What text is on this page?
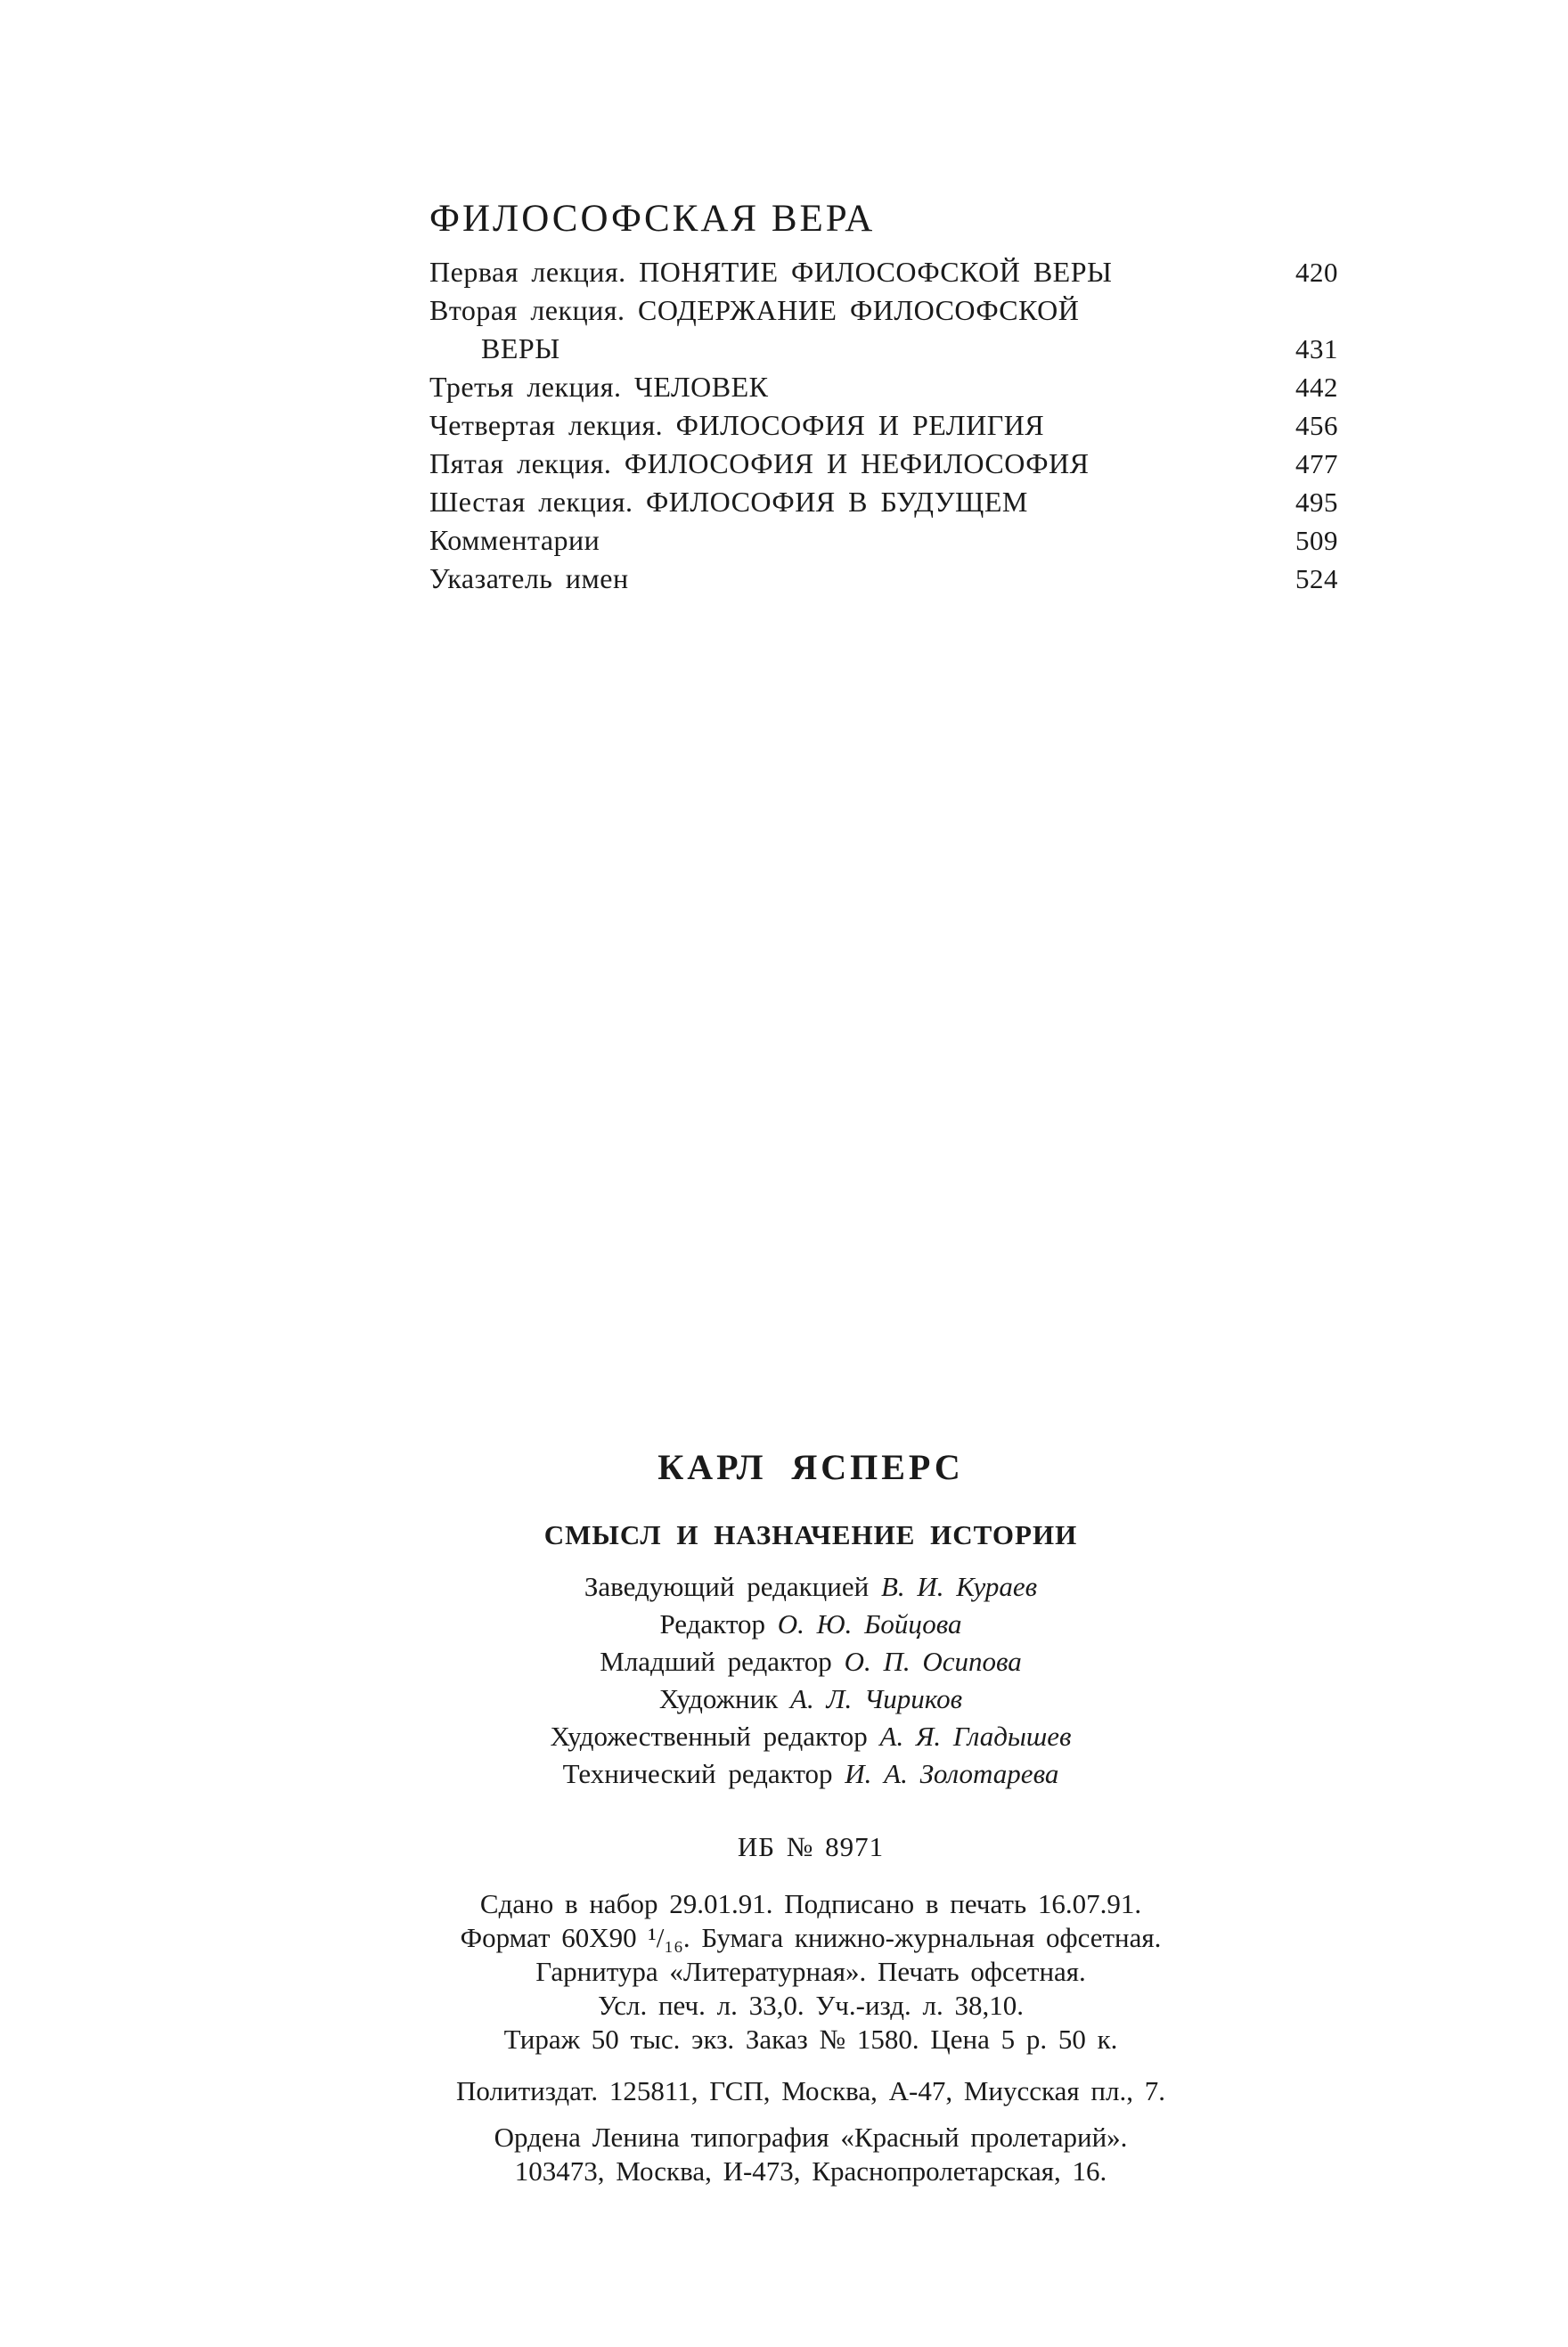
ФИЛОСОФСКАЯ ВЕРА
Первая лекция. ПОНЯТИЕ ФИЛОСОФСКОЙ ВЕРЫ	420
Вторая лекция. СОДЕРЖАНИЕ ФИЛОСОФСКОЙ
ВЕРЫ	431
Третья лекция. ЧЕЛОВЕК	442
Четвертая лекция. ФИЛОСОФИЯ И РЕЛИГИЯ	456
Пятая лекция. ФИЛОСОФИЯ И НЕФИЛОСОФИЯ	477
Шестая лекция. ФИЛОСОФИЯ В БУДУЩЕМ	495
Комментарии	509
Указатель имен	524
КАРЛ ЯСПЕРС
СМЫСЛ И НАЗНАЧЕНИЕ ИСТОРИИ
Заведующий редакцией В. И. Кураев
Редактор О. Ю. Бойцова
Младший редактор О. П. Осипова
Художник А. Л. Чириков
Художественный редактор А. Я. Гладышев
Технический редактор И. А. Золотарева
ИБ № 8971
Сдано в набор 29.01.91. Подписано в печать 16.07.91.
Формат 60Х90 ¹/₁₆. Бумага книжно-журнальная офсетная.
Гарнитура «Литературная». Печать офсетная.
Усл. печ. л. 33,0. Уч.-изд. л. 38,10.
Тираж 50 тыс. экз. Заказ № 1580. Цена 5 р. 50 к.
Политиздат. 125811, ГСП, Москва, А-47, Миусская пл., 7.
Ордена Ленина типография «Красный пролетарий».
103473, Москва, И-473, Краснопролетарская, 16.
